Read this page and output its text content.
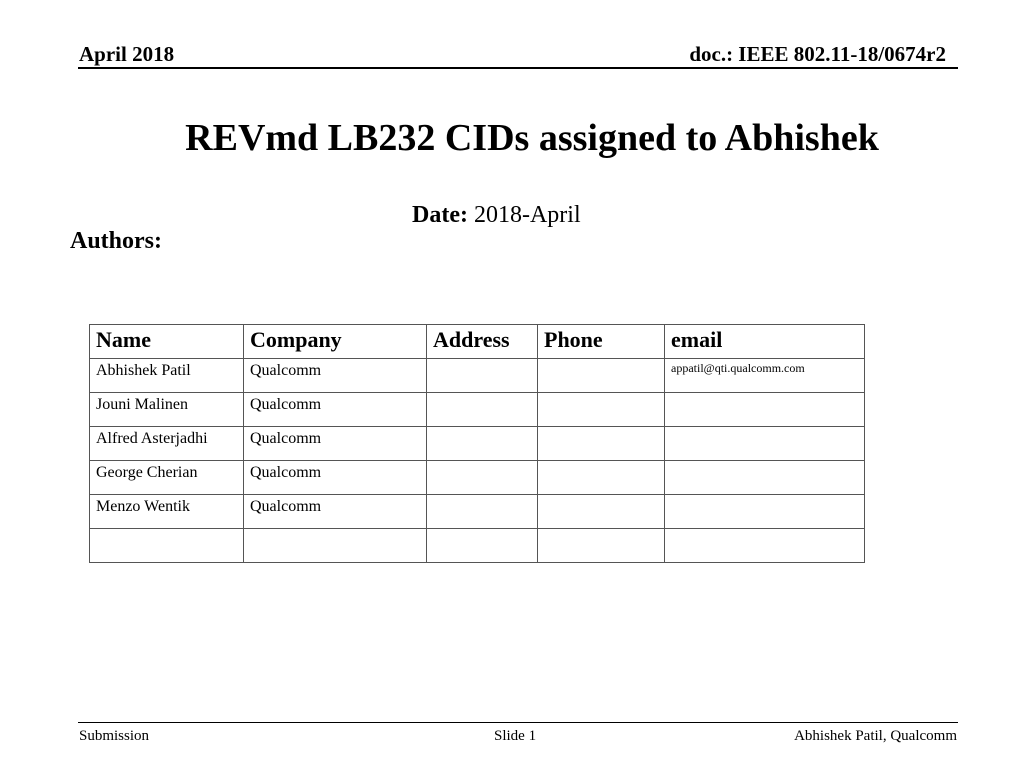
April 2018	doc.: IEEE 802.11-18/0674r2
REVmd LB232 CIDs assigned to Abhishek
Date: 2018-April
Authors:
Name	Company	Address	Phone	email
Abhishek Patil	Qualcomm			appatil@qti.qualcomm.com
Jouni Malinen	Qualcomm			
Alfred Asterjadhi	Qualcomm			
George Cherian	Qualcomm			
Menzo Wentik	Qualcomm			

Submission	Slide 1	Abhishek Patil, Qualcomm
